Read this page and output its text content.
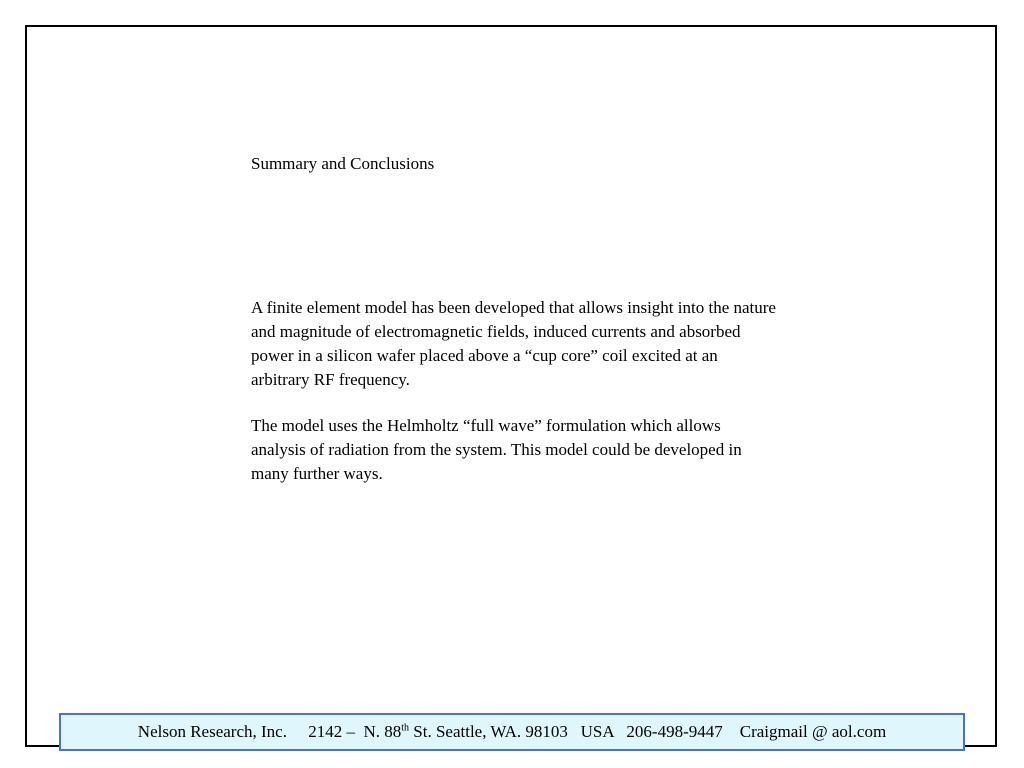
Summary and Conclusions
A finite element model has been developed that allows insight into the nature
and magnitude of electromagnetic fields, induced currents and absorbed
power in a silicon wafer placed above a “cup core” coil excited at an
arbitrary RF frequency.
The model uses the Helmholtz “full wave” formulation which allows
analysis of radiation from the system. This model could be developed in
many further ways.
Nelson Research, Inc. 2142 –  N. 88th St. Seattle, WA. 98103   USA 206-498-9447 Craigmail @ aol.com
